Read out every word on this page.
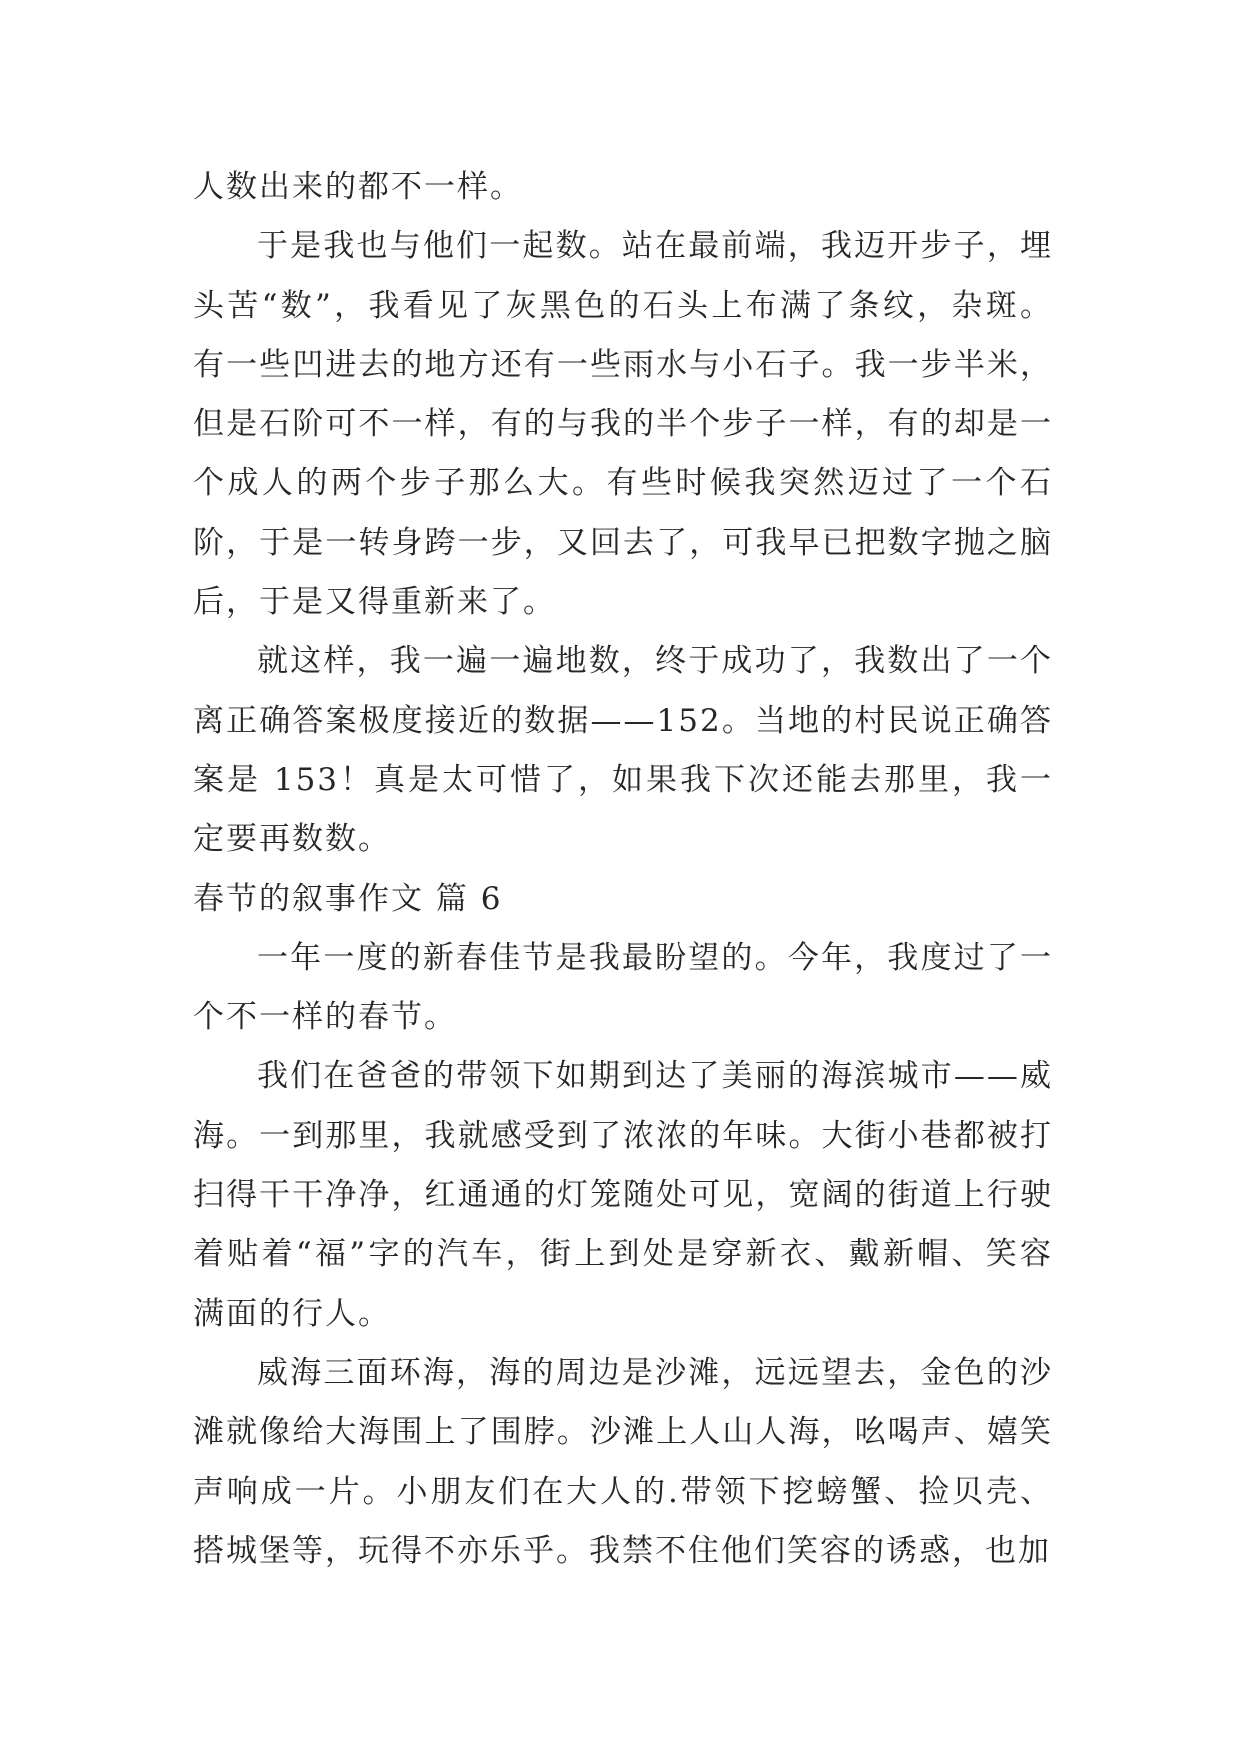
人数出来的都不一样。

于是我也与他们一起数。站在最前端，我迈开步子，埋头苦“数”，我看见了灰黑色的石头上布满了条纹，杂斑。有一些凹进去的地方还有一些雨水与小石子。我一步半米，但是石阶可不一样，有的与我的半个步子一样，有的却是一个成人的两个步子那么大。有些时候我突然迈过了一个石阶，于是一转身跨一步，又回去了，可我早已把数字抛之脑后，于是又得重新来了。

就这样，我一遍一遍地数，终于成功了，我数出了一个离正确答案极度接近的数据——152。当地的村民说正确答案是 153！真是太可惜了，如果我下次还能去那里，我一定要再数数。

春节的叙事作文 篇 6

一年一度的新春佳节是我最盼望的。今年，我度过了一个不一样的春节。

我们在爸爸的带领下如期到达了美丽的海滨城市——威海。一到那里，我就感受到了浓浓的年味。大街小巷都被打扫得干干净净，红通通的灯笼随处可见，宽阔的街道上行驶着贴着“福”字的汽车，街上到处是穿新衣、戴新帽、笑容满面的行人。

威海三面环海，海的周边是沙滩，远远望去，金色的沙滩就像给大海围上了围脖。沙滩上人山人海，吆喝声、嬉笑声响成一片。小朋友们在大人的.带领下挖螃蟹、捡贝壳、搭城堡等，玩得不亦乐乎。我禁不住他们笑容的诱惑，也加
